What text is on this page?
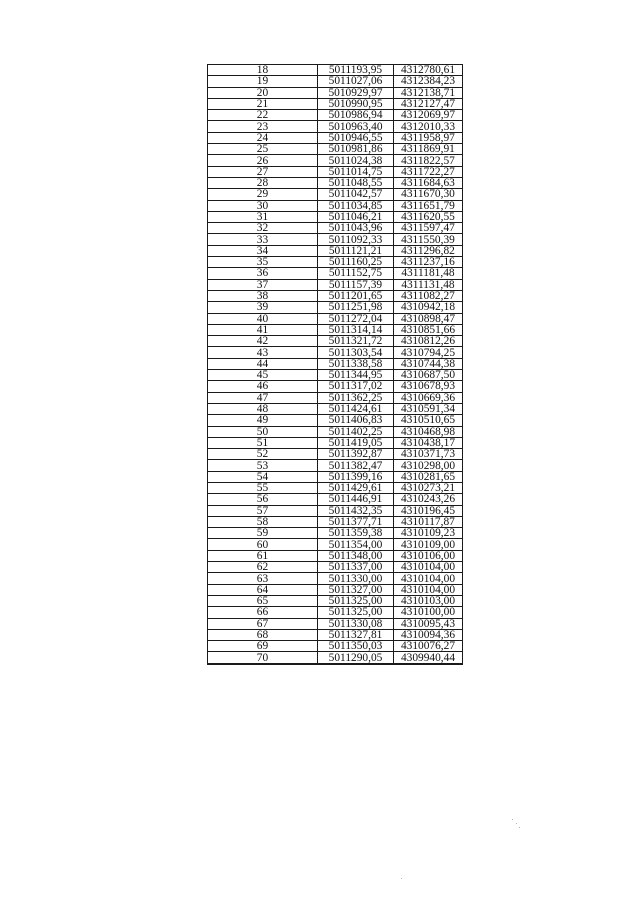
18	5011193,95	4312780,61
19	5011027,06	4312384,23
20	5010929,97	4312138,71
21	5010990,95	4312127,47
22	5010986,94	4312069,97
23	5010963,40	4312010,33
24	5010946,55	4311958,97
25	5010981,86	4311869,91
26	5011024,38	4311822,57
27	5011014,75	4311722,27
28	5011048,55	4311684,63
29	5011042,57	4311670,30
30	5011034,85	4311651,79
31	5011046,21	4311620,55
32	5011043,96	4311597,47
33	5011092,33	4311550,39
34	5011121,21	4311296,82
35	5011160,25	4311237,16
36	5011152,75	4311181,48
37	5011157,39	4311131,48
38	5011201,65	4311082,27
39	5011251,98	4310942,18
40	5011272,04	4310898,47
41	5011314,14	4310851,66
42	5011321,72	4310812,26
43	5011303,54	4310794,25
44	5011338,58	4310744,38
45	5011344,95	4310687,50
46	5011317,02	4310678,93
47	5011362,25	4310669,36
48	5011424,61	4310591,34
49	5011406,83	4310510,65
50	5011402,25	4310468,98
51	5011419,05	4310438,17
52	5011392,87	4310371,73
53	5011382,47	4310298,00
54	5011399,16	4310281,65
55	5011429,61	4310273,21
56	5011446,91	4310243,26
57	5011432,35	4310196,45
58	5011377,71	4310117,87
59	5011359,38	4310109,23
60	5011354,00	4310109,00
61	5011348,00	4310106,00
62	5011337,00	4310104,00
63	5011330,00	4310104,00
64	5011327,00	4310104,00
65	5011325,00	4310103,00
66	5011325,00	4310100,00
67	5011330,08	4310095,43
68	5011327,81	4310094,36
69	5011350,03	4310076,27
70	5011290,05	4309940,44
